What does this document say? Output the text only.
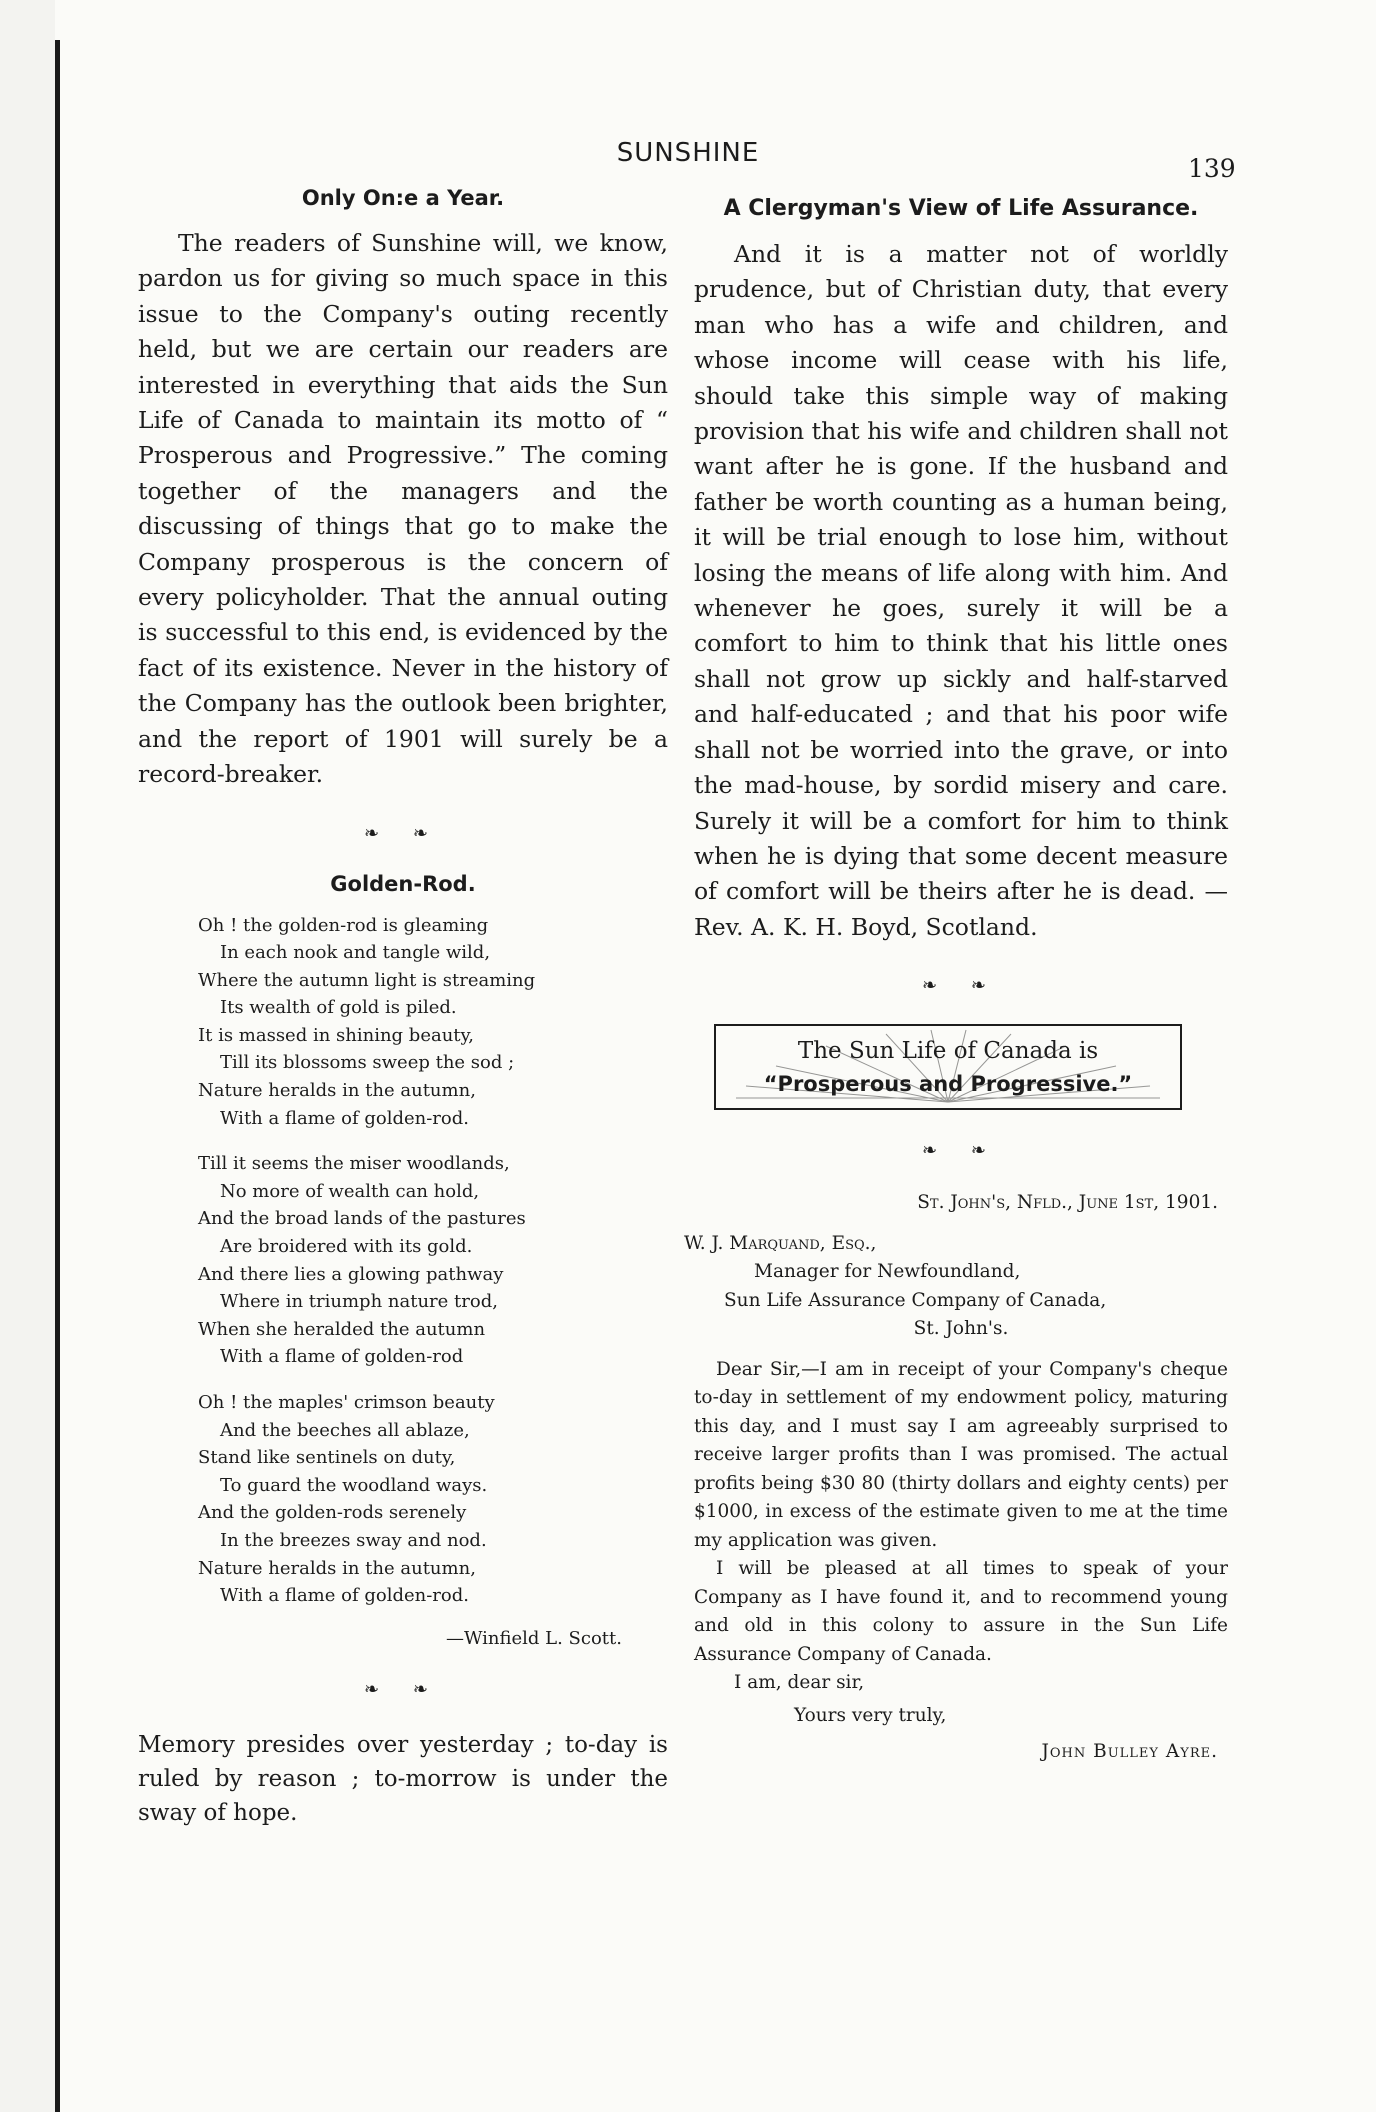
SUNSHINE
139
Only On:e a Year.

The readers of Sunshine will, we know, pardon us for giving so much space in this issue to the Company's outing recently held, but we are certain our readers are interested in everything that aids the Sun Life of Canada to maintain its motto of “ Prosperous and Progressive.” The coming together of the managers and the discussing of things that go to make the Company prosperous is the concern of every policyholder. That the annual outing is successful to this end, is evidenced by the fact of its existence. Never in the history of the Company has the outlook been brighter, and the report of 1901 will surely be a record-breaker.

❧ ❧
Golden-Rod.
Oh ! the golden-rod is gleaming
In each nook and tangle wild,
Where the autumn light is streaming
Its wealth of gold is piled.
It is massed in shining beauty,
Till its blossoms sweep the sod ;
Nature heralds in the autumn,
With a flame of golden-rod.
Till it seems the miser woodlands,
No more of wealth can hold,
And the broad lands of the pastures
Are broidered with its gold.
And there lies a glowing pathway
Where in triumph nature trod,
When she heralded the autumn
With a flame of golden-rod
Oh ! the maples' crimson beauty
And the beeches all ablaze,
Stand like sentinels on duty,
To guard the woodland ways.
And the golden-rods serenely
In the breezes sway and nod.
Nature heralds in the autumn,
With a flame of golden-rod.
—Winfield L. Scott.
❧ ❧

Memory presides over yesterday ; to-day is ruled by reason ; to-morrow is under the sway of hope.

A Clergyman's View of Life Assurance.

And it is a matter not of worldly prudence, but of Christian duty, that every man who has a wife and children, and whose income will cease with his life, should take this simple way of making provision that his wife and children shall not want after he is gone. If the husband and father be worth counting as a human being, it will be trial enough to lose him, without losing the means of life along with him. And whenever he goes, surely it will be a comfort to him to think that his little ones shall not grow up sickly and half-starved and half-educated ; and that his poor wife shall not be worried into the grave, or into the mad-house, by sordid misery and care. Surely it will be a comfort for him to think when he is dying that some decent measure of comfort will be theirs after he is dead. — Rev. A. K. H. Boyd, Scotland.

❧ ❧
The Sun Life of Canada is
“Prosperous and Progressive.”
❧ ❧

St. John's, Nfld., June 1st, 1901.

W. J. Marquand, Esq.,

Manager for Newfoundland,

Sun Life Assurance Company of Canada,

St. John's.

Dear Sir,—I am in receipt of your Company's cheque to-day in settlement of my endowment policy, maturing this day, and I must say I am agreeably surprised to receive larger profits than I was promised. The actual profits being $30 80 (thirty dollars and eighty cents) per $1000, in excess of the estimate given to me at the time my application was given.

I will be pleased at all times to speak of your Company as I have found it, and to recommend young and old in this colony to assure in the Sun Life Assurance Company of Canada.

I am, dear sir,

Yours very truly,

John Bulley Ayre.
